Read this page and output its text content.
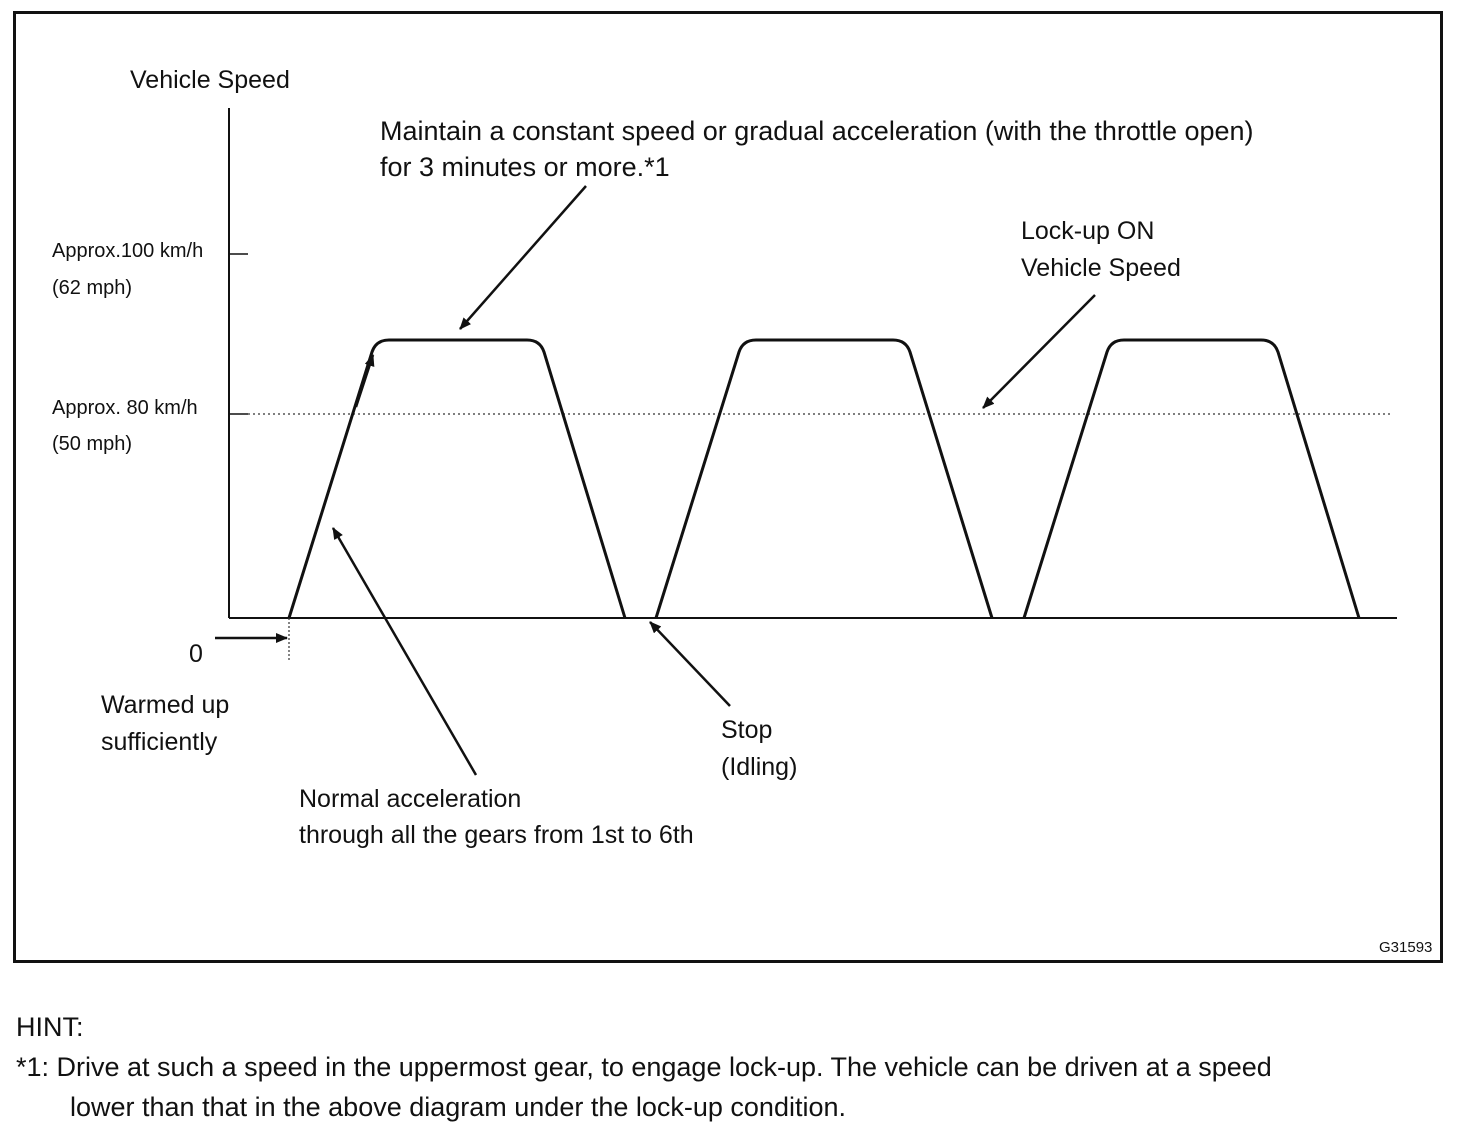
Vehicle Speed
Maintain a constant speed or gradual acceleration (with the throttle open)
for 3 minutes or more.*1
Approx.100 km/h
(62 mph)
Approx. 80 km/h
(50 mph)
Lock-up ON
Vehicle Speed
0
Warmed up
sufficiently	Stop
(Idling)
Normal acceleration
through all the gears from 1st to 6th
G31593
HINT:
*1: Drive at such a speed in the uppermost gear, to engage lock-up. The vehicle can be driven at a speed
lower than that in the above diagram under the lock-up condition.
